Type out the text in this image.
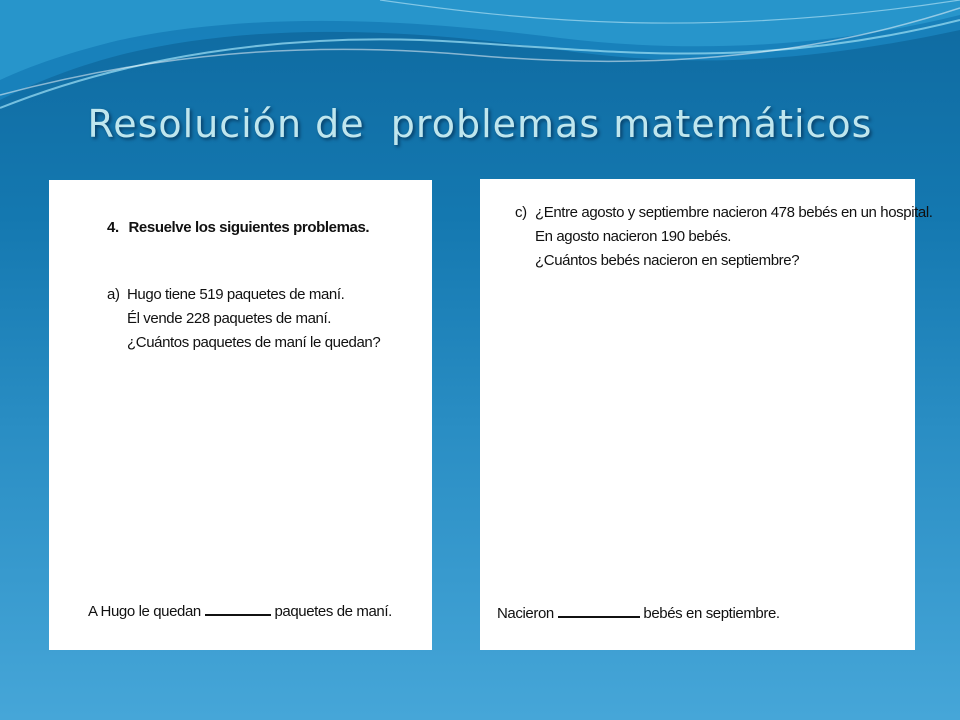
Resolución de  problemas matemáticos
4. Resuelve los siguientes problemas.
a) Hugo tiene 519 paquetes de maní.
Él vende 228 paquetes de maní.
¿Cuántos paquetes de maní le quedan?
A Hugo le quedan	paquetes de maní.
c) ¿Entre agosto y septiembre nacieron 478 bebés en un hospital.
En agosto nacieron 190 bebés.
¿Cuántos bebés nacieron en septiembre?
Nacieron	bebés en septiembre.
